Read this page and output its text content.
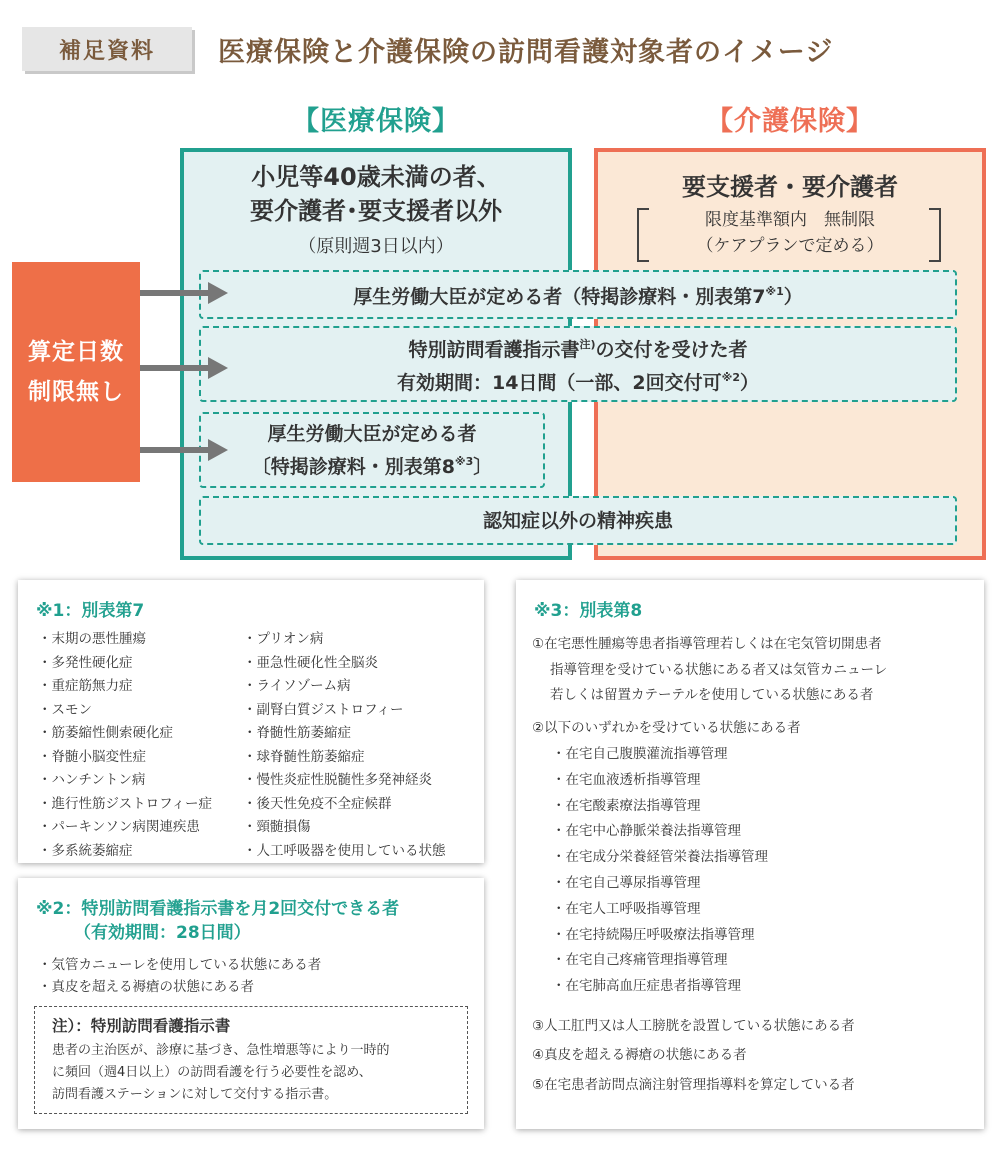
補足資料	医療保険と介護保険の訪問看護対象者のイメージ
【医療保険】	【介護保険】
小児等40歳未満の者、
要介護者･要支援者以外
（原則週3日以内）
要支援者・要介護者
限度基準額内　無制限
（ケアプランで定める）
厚生労働大臣が定める者（特掲診療料・別表第7$^{※1}$）
特別訪問看護指示書$^{注)}$の交付を受けた者
有効期間：14日間（一部、2回交付可$^{※2}$）
厚生労働大臣が定める者
〔特掲診療料・別表第8$^{※3}$〕
認知症以外の精神疾患
算定日数
制限無し
※1：別表第7
・末期の悪性腫瘍
・多発性硬化症
・重症筋無力症
・スモン
・筋萎縮性側索硬化症
・脊髄小脳変性症
・ハンチントン病
・進行性筋ジストロフィー症
・パーキンソン病関連疾患
・多系統萎縮症
・プリオン病
・亜急性硬化性全脳炎
・ライソゾーム病
・副腎白質ジストロフィー
・脊髄性筋萎縮症
・球脊髄性筋萎縮症
・慢性炎症性脱髄性多発神経炎
・後天性免疫不全症候群
・頸髄損傷
・人工呼吸器を使用している状態
※2：特別訪問看護指示書を月2回交付できる者
（有効期間：28日間）
・気管カニューレを使用している状態にある者
・真皮を超える褥瘡の状態にある者
注）：特別訪問看護指示書
患者の主治医が、診療に基づき、急性増悪等により一時的
に頻回（週4日以上）の訪問看護を行う必要性を認め、
訪問看護ステーションに対して交付する指示書。
※3：別表第8
①在宅悪性腫瘍等患者指導管理若しくは在宅気管切開患者
指導管理を受けている状態にある者又は気管カニューレ
若しくは留置カテーテルを使用している状態にある者
②以下のいずれかを受けている状態にある者
・在宅自己腹膜灌流指導管理
・在宅血液透析指導管理
・在宅酸素療法指導管理
・在宅中心静脈栄養法指導管理
・在宅成分栄養経管栄養法指導管理
・在宅自己導尿指導管理
・在宅人工呼吸指導管理
・在宅持続陽圧呼吸療法指導管理
・在宅自己疼痛管理指導管理
・在宅肺高血圧症患者指導管理
③人工肛門又は人工膀胱を設置している状態にある者
④真皮を超える褥瘡の状態にある者
⑤在宅患者訪問点滴注射管理指導料を算定している者
